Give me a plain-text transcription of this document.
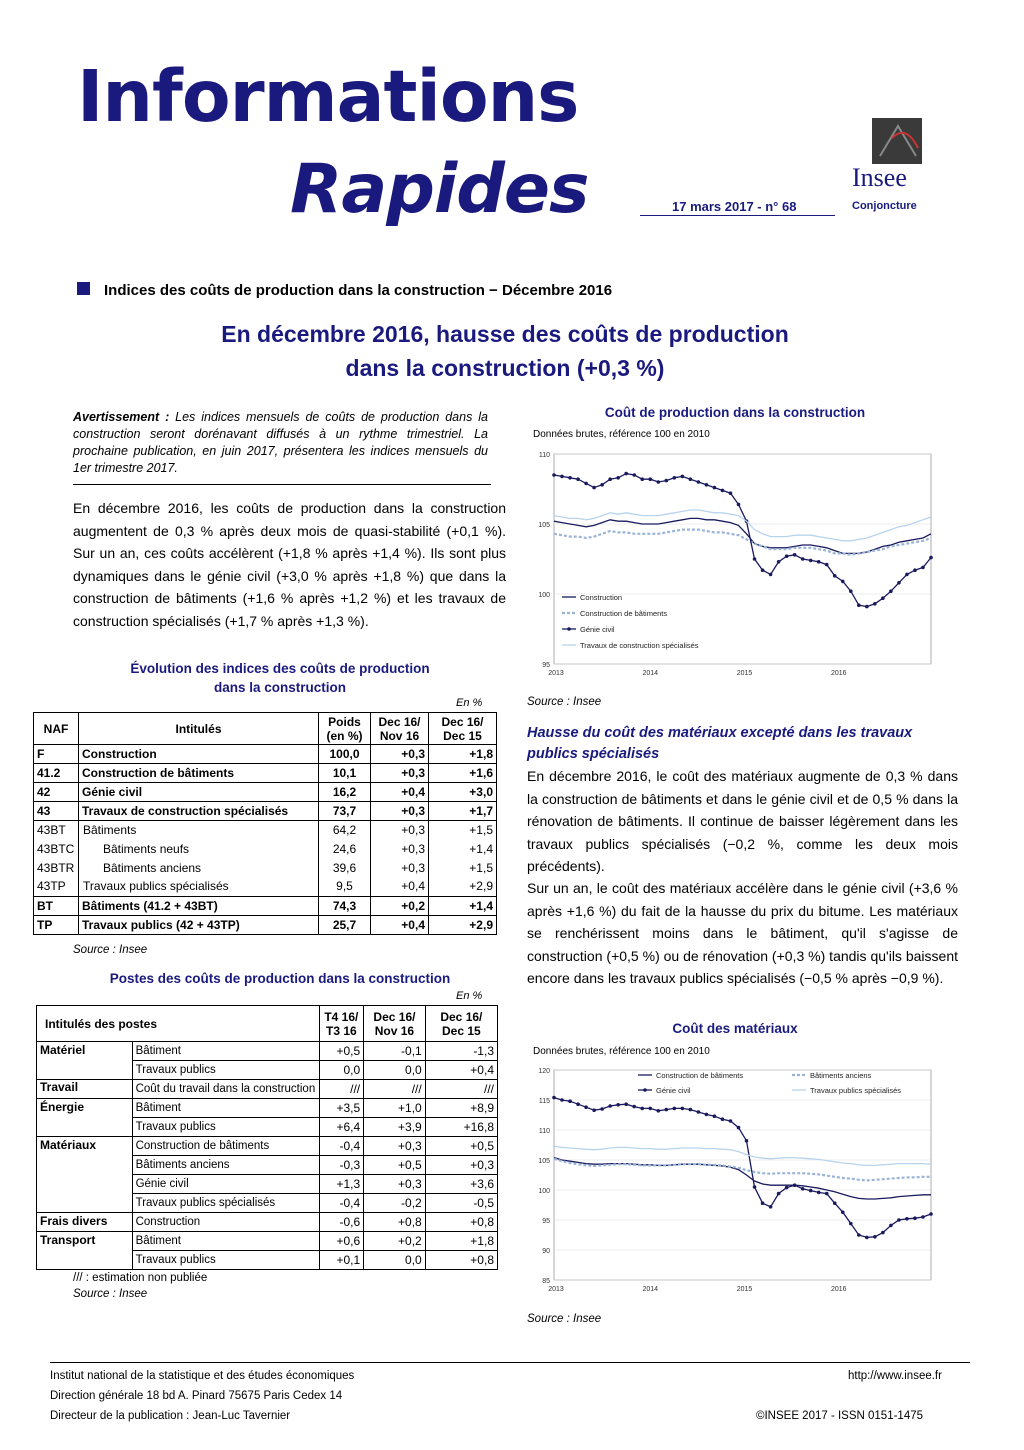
Informations
Rapides	17 mars 2017 - n° 68
Insee
Conjoncture
Indices des coûts de production dans la construction − Décembre 2016
En décembre 2016, hausse des coûts de production
dans la construction (+0,3 %)
Avertissement : Les indices mensuels de coûts de production dans la construction seront dorénavant diffusés à un rythme trimestriel. La prochaine publication, en juin 2017, présentera les indices mensuels du 1er trimestre 2017.
En décembre 2016, les coûts de production dans la construction augmentent de 0,3 % après deux mois de quasi-stabilité (+0,1 %). Sur un an, ces coûts accélèrent (+1,8 % après +1,4 %). Ils sont plus dynamiques dans le génie civil (+3,0 % après +1,8 %) que dans la construction de bâtiments (+1,6 % après +1,2 %) et les travaux de construction spécialisés (+1,7 % après +1,3 %).
Évolution des indices des coûts de production
dans la construction
En %
NAF	Intitulés	Poids (en %)	Dec 16/ Nov 16	Dec 16/ Dec 15
F	Construction	100,0	+0,3	+1,8
41.2	Construction de bâtiments	10,1	+0,3	+1,6
42	Génie civil	16,2	+0,4	+3,0
43	Travaux de construction spécialisés	73,7	+0,3	+1,7
43BT	Bâtiments	64,2	+0,3	+1,5
43BTC	Bâtiments neufs	24,6	+0,3	+1,4
43BTR	Bâtiments anciens	39,6	+0,3	+1,5
43TP	Travaux publics spécialisés	9,5	+0,4	+2,9
BT	Bâtiments (41.2 + 43BT)	74,3	+0,2	+1,4
TP	Travaux publics (42 + 43TP)	25,7	+0,4	+2,9
Source : Insee
Postes des coûts de production dans la construction
En %
Intitulés des postes		T4 16/ T3 16	Dec 16/ Nov 16	Dec 16/ Dec 15
Matériel	Bâtiment	+0,5	-0,1	-1,3
	Travaux publics	0,0	0,0	+0,4
Travail	Coût du travail dans la construction	///	///	///
Énergie	Bâtiment	+3,5	+1,0	+8,9
	Travaux publics	+6,4	+3,9	+16,8
Matériaux	Construction de bâtiments	-0,4	+0,3	+0,5
	Bâtiments anciens	-0,3	+0,5	+0,3
	Génie civil	+1,3	+0,3	+3,6
	Travaux publics spécialisés	-0,4	-0,2	-0,5
Frais divers	Construction	-0,6	+0,8	+0,8
Transport	Bâtiment	+0,6	+0,2	+1,8
	Travaux publics	+0,1	0,0	+0,8
/// : estimation non publiée
Source : Insee
Coût de production dans la construction
Données brutes, référence 100 en 2010
95
100
105
110
2013	2014	2015	2016
Construction
Construction de bâtiments
Génie civil
Travaux de construction spécialisés
Source : Insee
Hausse du coût des matériaux excepté dans les travaux publics spécialisés
En décembre 2016, le coût des matériaux augmente de 0,3 % dans la construction de bâtiments et dans le génie civil et de 0,5 % dans la rénovation de bâtiments. Il continue de baisser légèrement dans les travaux publics spécialisés (−0,2 %, comme les deux mois précédents).
Sur un an, le coût des matériaux accélère dans le génie civil (+3,6 % après +1,6 %) du fait de la hausse du prix du bitume. Les matériaux se renchérissent moins dans le bâtiment, qu'il s'agisse de construction (+0,5 %) ou de rénovation (+0,3 %) tandis qu'ils baissent encore dans les travaux publics spécialisés (−0,5 % après −0,9 %).
Coût des matériaux
Données brutes, référence 100 en 2010
85
90
95
100
105
110
115
120
2013	2014	2015	2016
Construction de bâtiments
Génie civil
Bâtiments anciens
Travaux publics spécialisés
Source : Insee
Institut national de la statistique et des études économiques
Direction générale 18 bd A. Pinard 75675 Paris Cedex 14
Directeur de la publication : Jean-Luc Tavernier
http://www.insee.fr
©INSEE 2017 - ISSN 0151-1475
